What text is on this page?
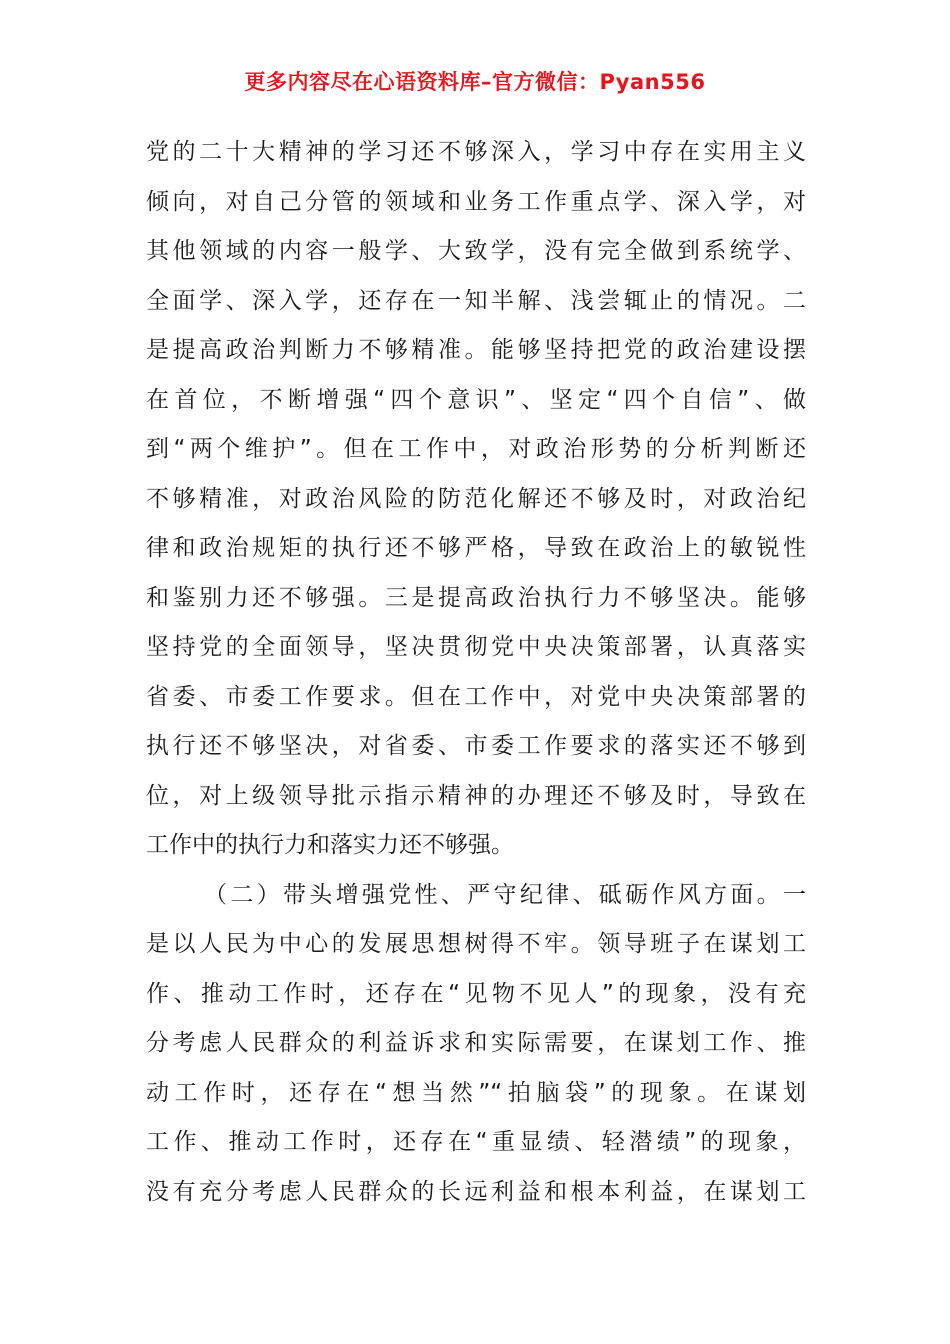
更多内容尽在心语资料库–官方微信：Pyan556
党的二十大精神的学习还不够深入，学习中存在实用主义
倾向，对自己分管的领域和业务工作重点学、深入学，对
其他领域的内容一般学、大致学，没有完全做到系统学、
全面学、深入学，还存在一知半解、浅尝辄止的情况。二
是提高政治判断力不够精准。能够坚持把党的政治建设摆
在首位，不断增强“四个意识”、坚定“四个自信”、做
到“两个维护”。但在工作中，对政治形势的分析判断还
不够精准，对政治风险的防范化解还不够及时，对政治纪
律和政治规矩的执行还不够严格，导致在政治上的敏锐性
和鉴别力还不够强。三是提高政治执行力不够坚决。能够
坚持党的全面领导，坚决贯彻党中央决策部署，认真落实
省委、市委工作要求。但在工作中，对党中央决策部署的
执行还不够坚决，对省委、市委工作要求的落实还不够到
位，对上级领导批示指示精神的办理还不够及时，导致在
工作中的执行力和落实力还不够强。
（二）带头增强党性、严守纪律、砥砺作风方面。一
是以人民为中心的发展思想树得不牢。领导班子在谋划工
作、推动工作时，还存在“见物不见人”的现象，没有充
分考虑人民群众的利益诉求和实际需要，在谋划工作、推
动工作时，还存在“想当然”“拍脑袋”的现象。在谋划
工作、推动工作时，还存在“重显绩、轻潜绩”的现象，
没有充分考虑人民群众的长远利益和根本利益，在谋划工
